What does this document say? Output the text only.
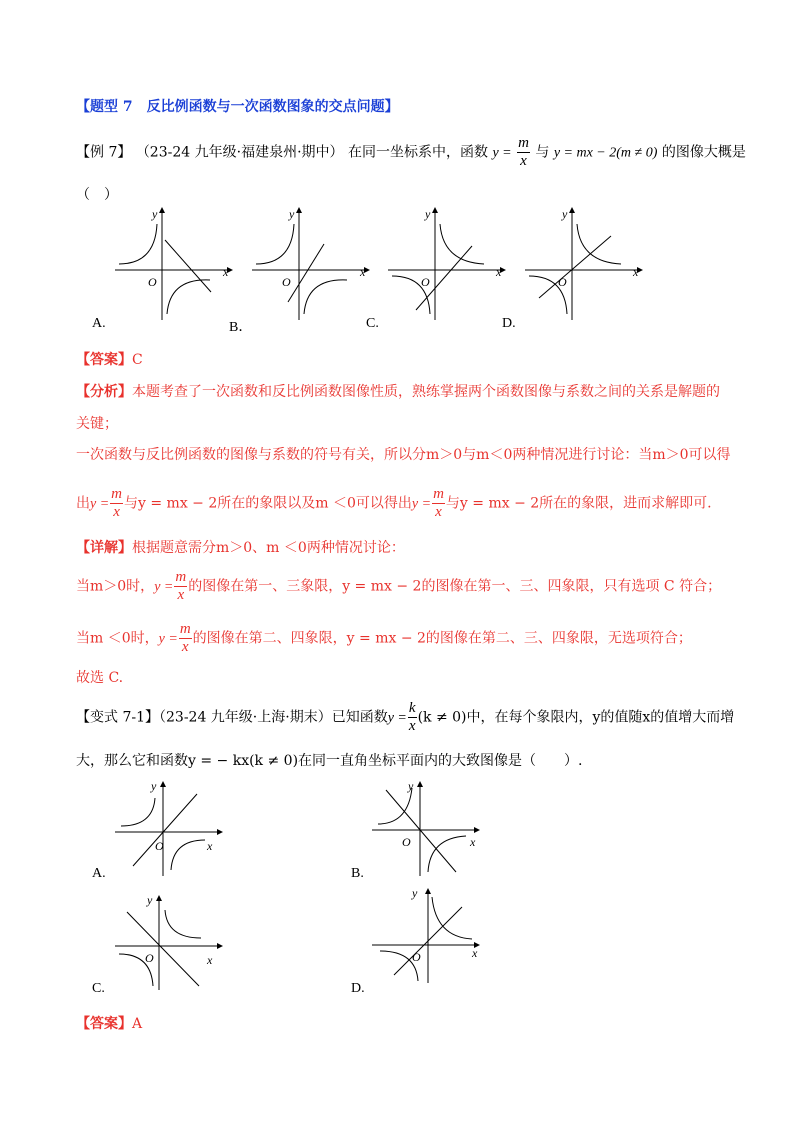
【题型 7　反比例函数与一次函数图象的交点问题】
【例 7】 （23-24 九年级·福建泉州·期中） 在同一坐标系中，函数 $y = \frac{m}{x}$ 与 y = mx − 2(m ≠ 0) 的图像大概是
（　）
x
y
O
x
y
O
x
y
O
x
y
O
A.	B．	C.	D.
【答案】C
【分析】本题考查了一次函数和反比例函数图像性质，熟练掌握两个函数图像与系数之间的关系是解题的
关键；
一次函数与反比例函数的图像与系数的符号有关，所以分m＞0与m＜0两种情况进行讨论：当m＞0可以得
出$y = \frac{m}{x}$ 与y = mx − 2所在的象限以及m ＜0可以得出$y = \frac{m}{x}$ 与y = mx − 2所在的象限，进而求解即可.
【详解】根据题意需分m＞0、m ＜0两种情况讨论：
当m＞0时，$y = \frac{m}{x}$ 的图像在第一、三象限，y = mx − 2的图像在第一、三、四象限，只有选项 C 符合；
当m ＜0时，$y = \frac{m}{x}$ 的图像在第二、四象限，y = mx − 2的图像在第二、三、四象限，无选项符合；
故选 C.
【变式 7-1】（23-24 九年级·上海·期末）已知函数$y = \frac{k}{x} (k \ne 0)$中，在每个象限内，y的值随x的值增大而增
大，那么它和函数y = − kx(k ≠ 0)在同一直角坐标平面内的大致图像是（　　）.
x
y
O	x
y
O
x
y
O	x
y
O
A.	B.
C.	D.
【答案】A
